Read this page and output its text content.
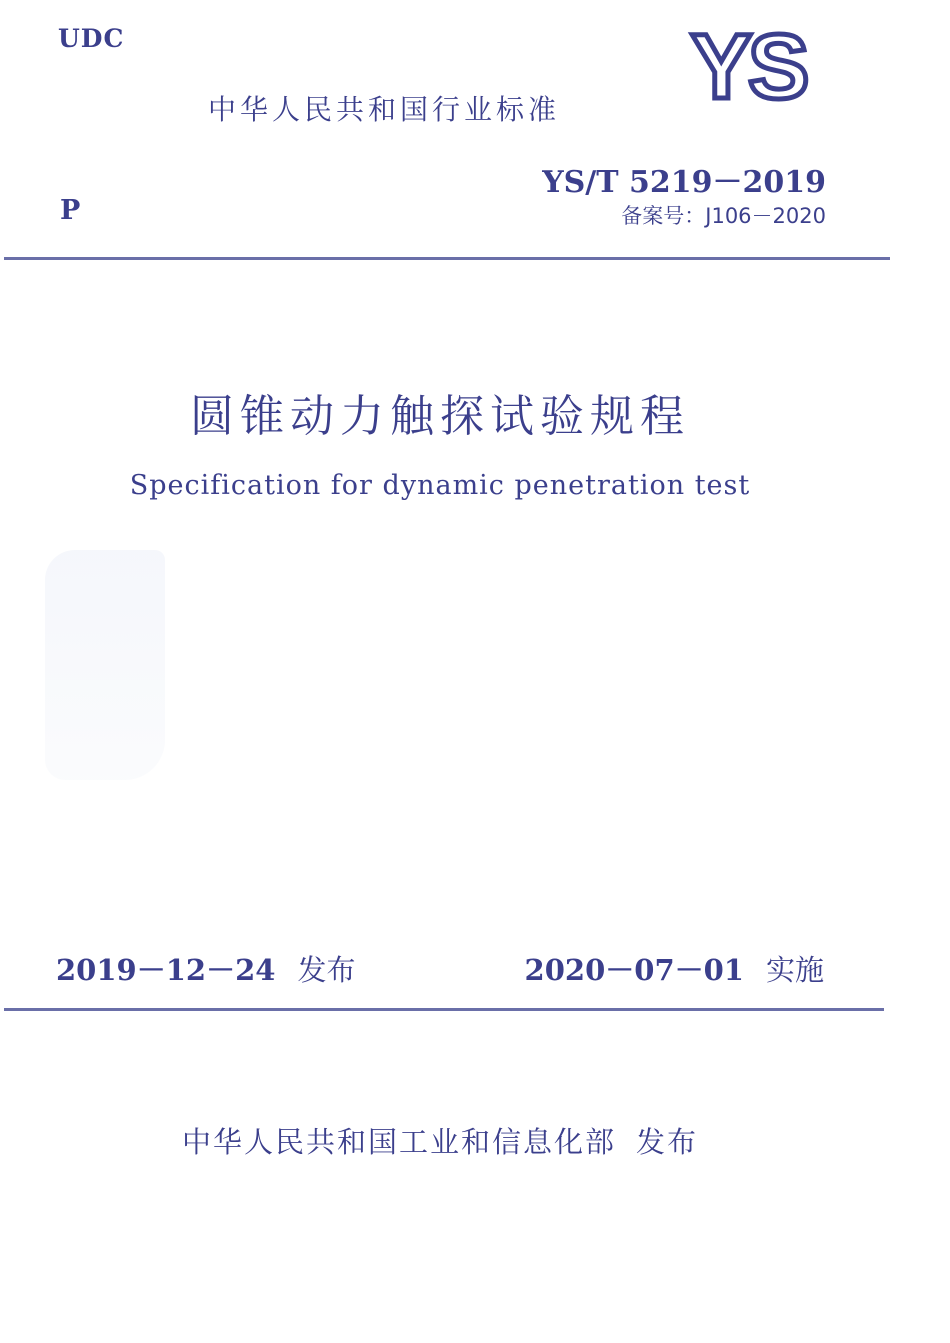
UDC
中华人民共和国行业标准 YS
YS/T 5219－2019
备案号：J106－2020
P
圆锥动力触探试验规程
Specification for dynamic penetration test
2019－12－24 发布	2020－07－01 实施
中华人民共和国工业和信息化部 发布
